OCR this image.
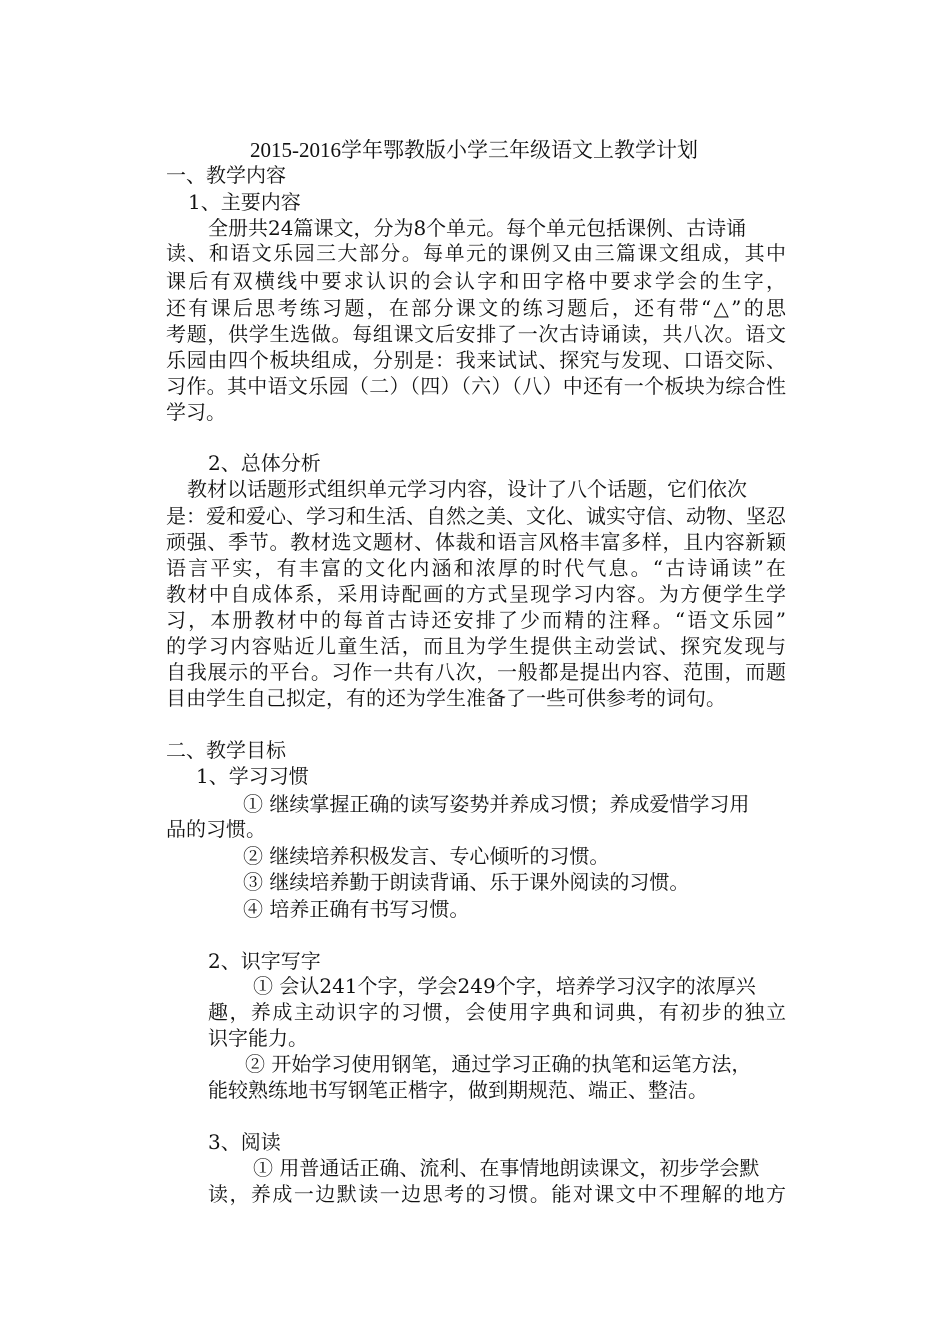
2015-2016学年鄂教版小学三年级语文上教学计划
一、教学内容
1、主要内容
全册共24篇课文，分为8个单元。每个单元包括课例、古诗诵
读、和语文乐园三大部分。每单元的课例又由三篇课文组成，其中
课后有双横线中要求认识的会认字和田字格中要求学会的生字，
还有课后思考练习题，在部分课文的练习题后，还有带“△”的思
考题，供学生选做。每组课文后安排了一次古诗诵读，共八次。语文
乐园由四个板块组成，分别是：我来试试、探究与发现、口语交际、
习作。其中语文乐园（二）（四）（六）（八）中还有一个板块为综合性
学习。
2、总体分析
教材以话题形式组织单元学习内容，设计了八个话题，它们依次
是：爱和爱心、学习和生活、自然之美、文化、诚实守信、动物、坚忍
顽强、季节。教材选文题材、体裁和语言风格丰富多样，且内容新颖
语言平实，有丰富的文化内涵和浓厚的时代气息。“古诗诵读”在
教材中自成体系，采用诗配画的方式呈现学习内容。为方便学生学
习，本册教材中的每首古诗还安排了少而精的注释。“语文乐园”
的学习内容贴近儿童生活，而且为学生提供主动尝试、探究发现与
自我展示的平台。习作一共有八次，一般都是提出内容、范围，而题
目由学生自己拟定，有的还为学生准备了一些可供参考的词句。
二、教学目标
1、学习习惯
① 继续掌握正确的读写姿势并养成习惯；养成爱惜学习用
品的习惯。
② 继续培养积极发言、专心倾听的习惯。
③ 继续培养勤于朗读背诵、乐于课外阅读的习惯。
④ 培养正确有书写习惯。
2、识字写字
① 会认241个字，学会249个字，培养学习汉字的浓厚兴
趣，养成主动识字的习惯，会使用字典和词典，有初步的独立
识字能力。
② 开始学习使用钢笔，通过学习正确的执笔和运笔方法，
能较熟练地书写钢笔正楷字，做到期规范、端正、整洁。
3、阅读
① 用普通话正确、流利、在事情地朗读课文，初步学会默
读，养成一边默读一边思考的习惯。能对课文中不理解的地方
